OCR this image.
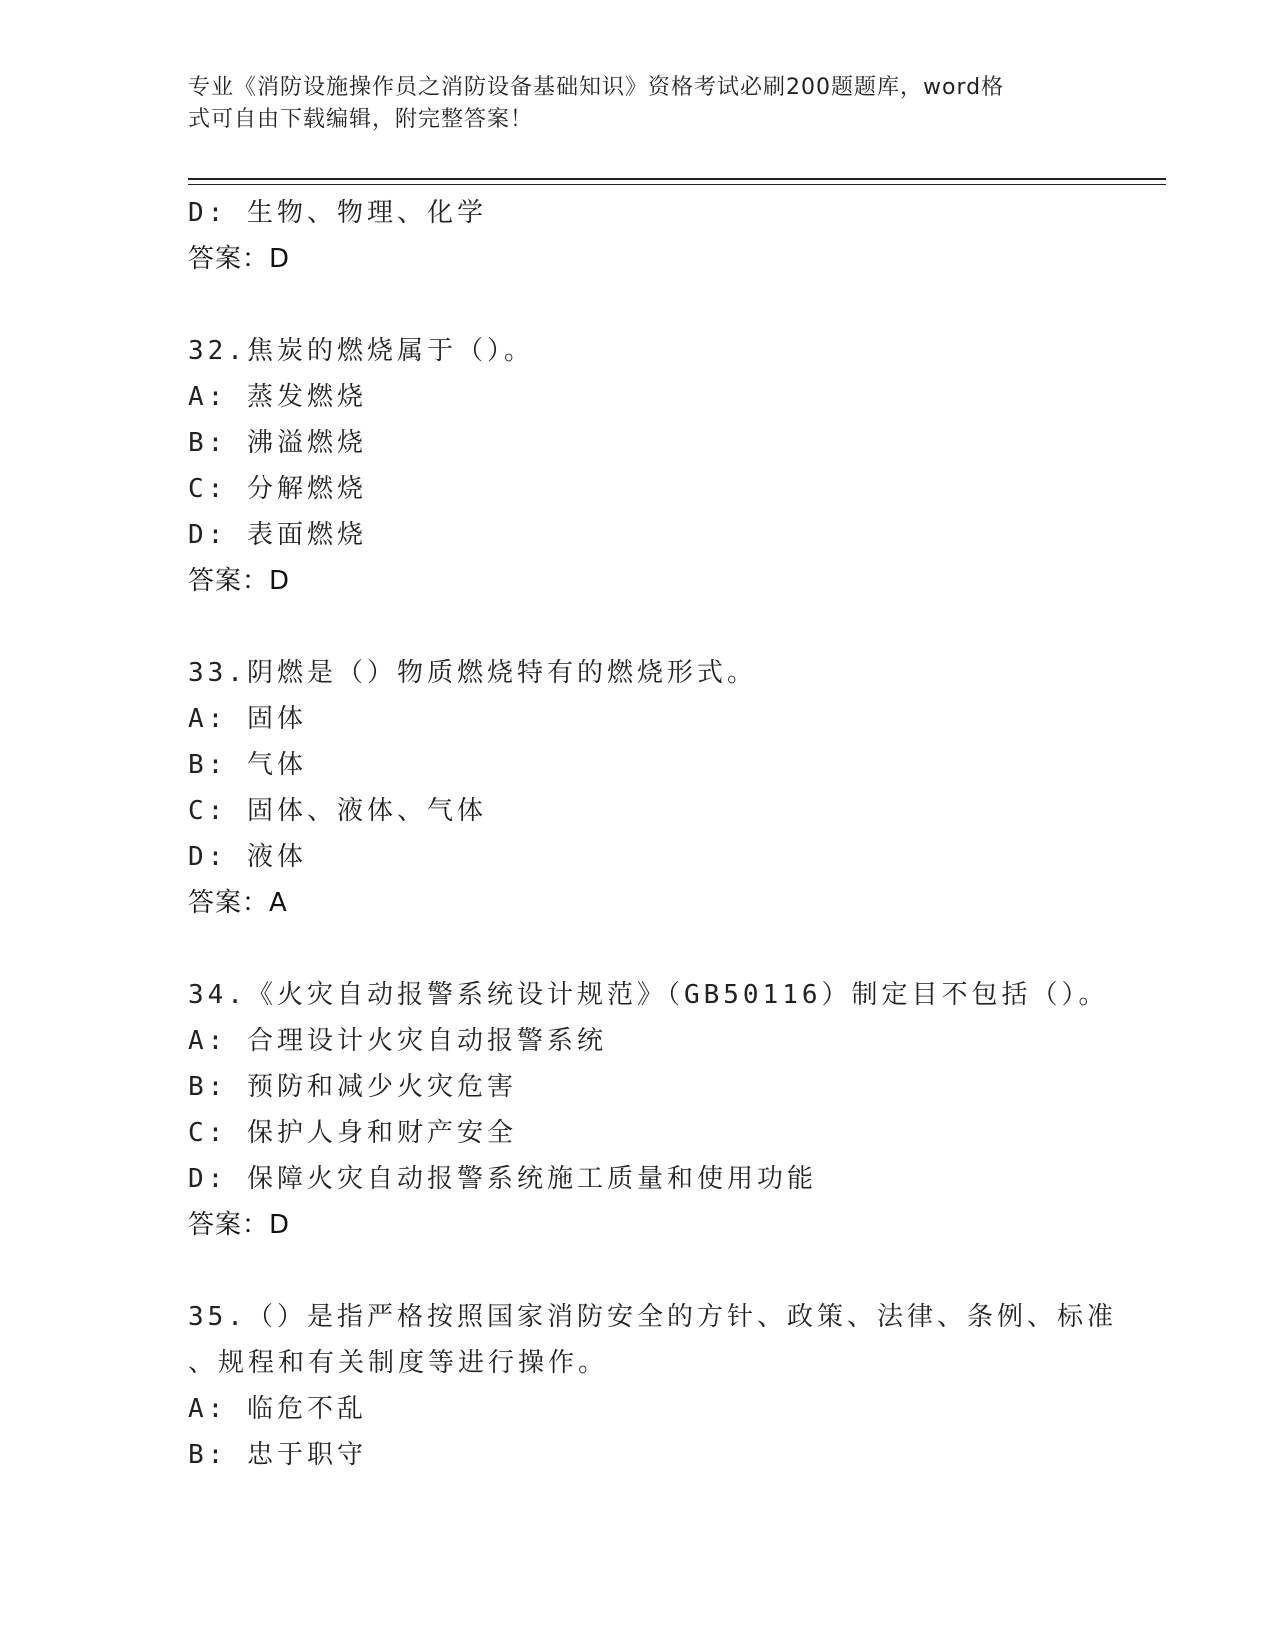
专业《消防设施操作员之消防设备基础知识》资格考试必刷200题题库，word格
式可自由下载编辑，附完整答案！
D: 生物、物理、化学
答案：D
32.焦炭的燃烧属于（）。
A: 蒸发燃烧
B: 沸溢燃烧
C: 分解燃烧
D: 表面燃烧
答案：D
33.阴燃是（）物质燃烧特有的燃烧形式。
A: 固体
B: 气体
C: 固体、液体、气体
D: 液体
答案：A
34.《火灾自动报警系统设计规范》（GB50116）制定目不包括（）。
A: 合理设计火灾自动报警系统
B: 预防和减少火灾危害
C: 保护人身和财产安全
D: 保障火灾自动报警系统施工质量和使用功能
答案：D
35.（）是指严格按照国家消防安全的方针、政策、法律、条例、标准
、规程和有关制度等进行操作。
A: 临危不乱
B: 忠于职守
